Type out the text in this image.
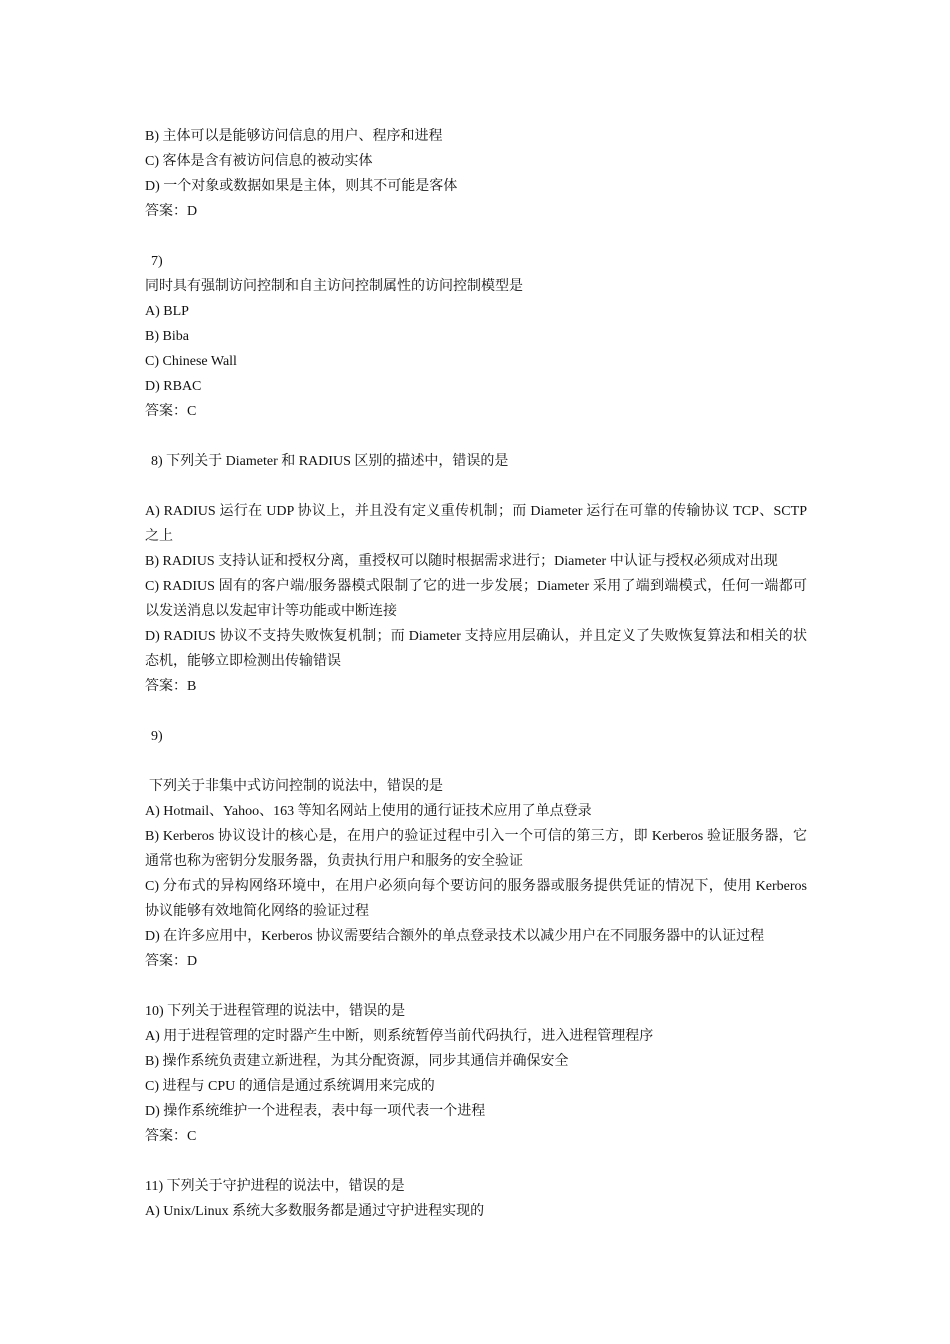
B) 主体可以是能够访问信息的用户、程序和进程
C) 客体是含有被访问信息的被动实体
D) 一个对象或数据如果是主体，则其不可能是客体
答案：D
7)
同时具有强制访问控制和自主访问控制属性的访问控制模型是
A) BLP
B) Biba
C) Chinese Wall
D) RBAC
答案：C
8) 下列关于 Diameter 和 RADIUS 区别的描述中，错误的是
A) RADIUS 运行在 UDP 协议上，并且没有定义重传机制；而 Diameter 运行在可靠的传输协议 TCP、SCTP 之上
B) RADIUS 支持认证和授权分离，重授权可以随时根据需求进行；Diameter 中认证与授权必须成对出现
C) RADIUS 固有的客户端/服务器模式限制了它的进一步发展；Diameter 采用了端到端模式，任何一端都可以发送消息以发起审计等功能或中断连接
D) RADIUS 协议不支持失败恢复机制；而 Diameter 支持应用层确认，并且定义了失败恢复算法和相关的状态机，能够立即检测出传输错误
答案：B
9)
下列关于非集中式访问控制的说法中，错误的是
A) Hotmail、Yahoo、163 等知名网站上使用的通行证技术应用了单点登录
B) Kerberos 协议设计的核心是，在用户的验证过程中引入一个可信的第三方，即 Kerberos 验证服务器，它通常也称为密钥分发服务器，负责执行用户和服务的安全验证
C) 分布式的异构网络环境中，在用户必须向每个要访问的服务器或服务提供凭证的情况下，使用 Kerberos 协议能够有效地简化网络的验证过程
D) 在许多应用中，Kerberos 协议需要结合额外的单点登录技术以减少用户在不同服务器中的认证过程
答案：D
10) 下列关于进程管理的说法中，错误的是
A) 用于进程管理的定时器产生中断，则系统暂停当前代码执行，进入进程管理程序
B) 操作系统负责建立新进程，为其分配资源，同步其通信并确保安全
C) 进程与 CPU 的通信是通过系统调用来完成的
D) 操作系统维护一个进程表，表中每一项代表一个进程
答案：C
11) 下列关于守护进程的说法中，错误的是
A) Unix/Linux 系统大多数服务都是通过守护进程实现的
